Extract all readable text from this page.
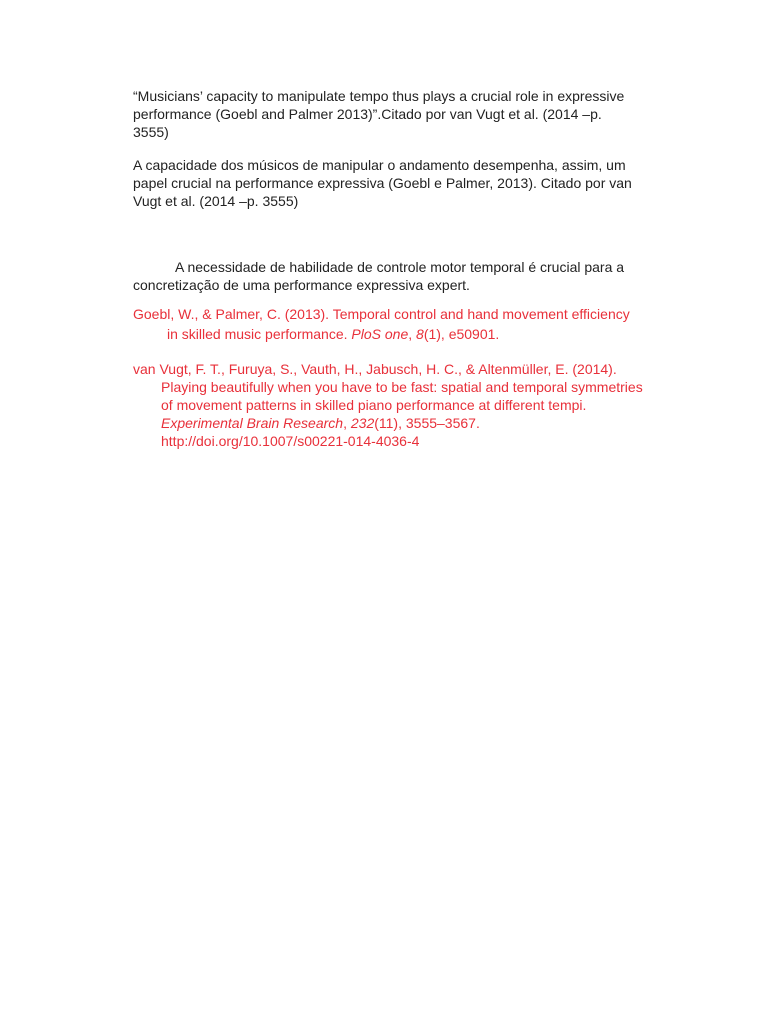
“Musicians’ capacity to manipulate tempo thus plays a crucial role in expressive performance (Goebl and Palmer 2013)”.Citado por van Vugt et al. (2014 –p. 3555)

A capacidade dos músicos de manipular o andamento desempenha, assim, um papel crucial na performance expressiva (Goebl e Palmer, 2013). Citado por van Vugt et al. (2014 –p. 3555)

A necessidade de habilidade de controle motor temporal é crucial para a concretização de uma performance expressiva expert.

Goebl, W., & Palmer, C. (2013). Temporal control and hand movement efficiency in skilled music performance. PloS one, 8(1), e50901.

van Vugt, F. T., Furuya, S., Vauth, H., Jabusch, H. C., & Altenmüller, E. (2014). Playing beautifully when you have to be fast: spatial and temporal symmetries of movement patterns in skilled piano performance at different tempi. Experimental Brain Research, 232(11), 3555–3567. http://doi.org/10.1007/s00221-014-4036-4
